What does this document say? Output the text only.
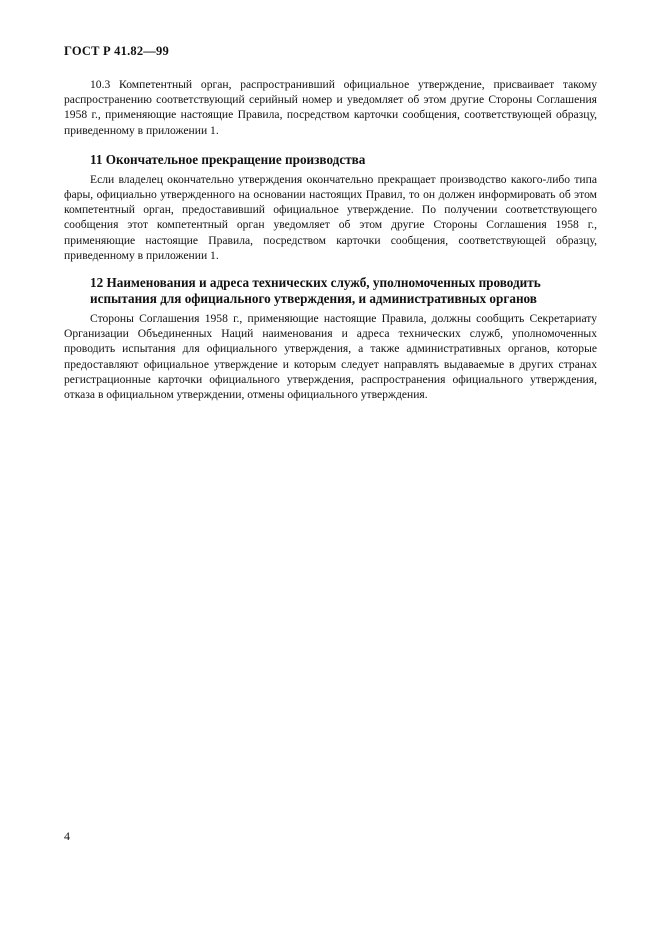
ГОСТ Р 41.82—99

10.3 Компетентный орган, распространивший официальное утверждение, присваивает такому распространению соответствующий серийный номер и уведомляет об этом другие Стороны Соглашения 1958 г., применяющие настоящие Правила, посредством карточки сообщения, соответствующей образцу, приведенному в приложении 1.

11 Окончательное прекращение производства

Если владелец окончательно утверждения окончательно прекращает производство какого-либо типа фары, официально утвержденного на основании настоящих Правил, то он должен информировать об этом компетентный орган, предоставивший официальное утверждение. По получении соответствующего сообщения этот компетентный орган уведомляет об этом другие Стороны Соглашения 1958 г., применяющие настоящие Правила, посредством карточки сообщения, соответствующей образцу, приведенному в приложении 1.

12 Наименования и адреса технических служб, уполномоченных проводить
испытания для официального утверждения, и административных органов

Стороны Соглашения 1958 г., применяющие настоящие Правила, должны сообщить Секретариату Организации Объединенных Наций наименования и адреса технических служб, уполномоченных проводить испытания для официального утверждения, а также административных органов, которые предоставляют официальное утверждение и которым следует направлять выдаваемые в других странах регистрационные карточки официального утверждения, распространения официального утверждения, отказа в официальном утверждении, отмены официального утверждения.

4
